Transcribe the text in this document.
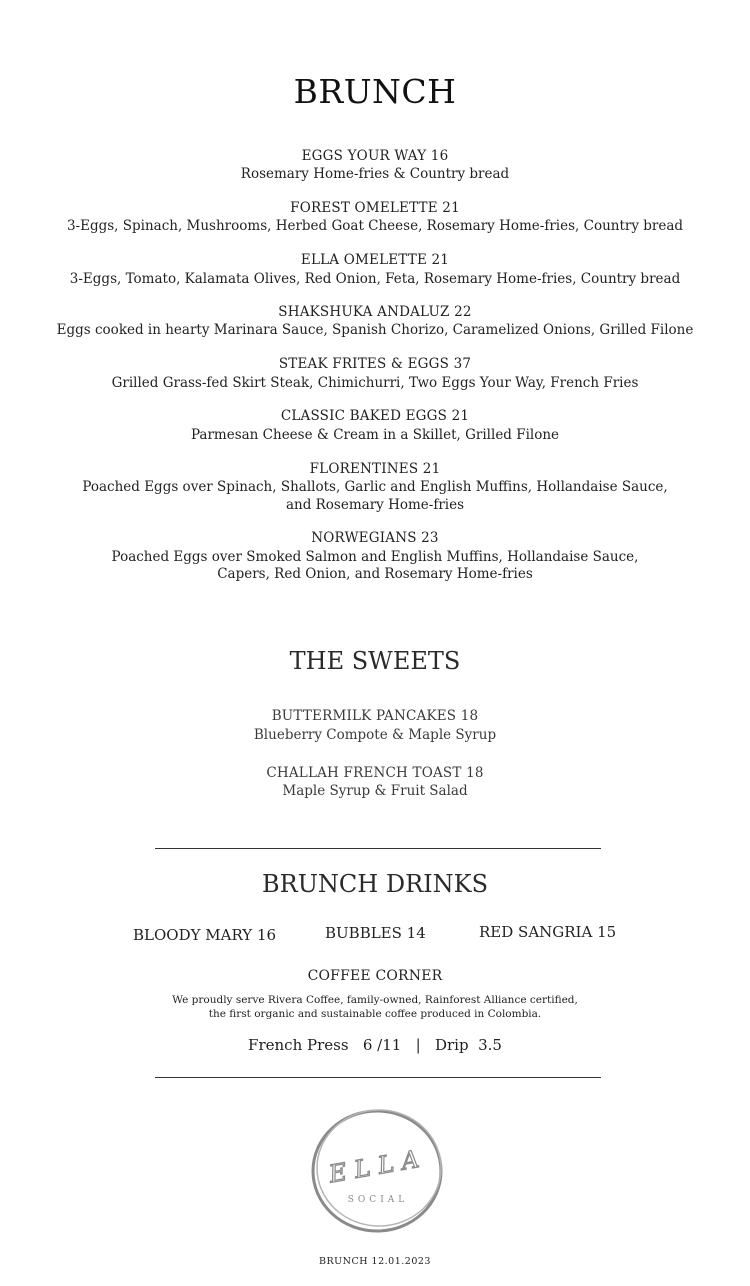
BRUNCH
EGGS YOUR WAY 16
Rosemary Home-fries & Country bread
FOREST OMELETTE 21
3-Eggs, Spinach, Mushrooms, Herbed Goat Cheese, Rosemary Home-fries, Country bread
ELLA OMELETTE 21
3-Eggs, Tomato, Kalamata Olives, Red Onion, Feta, Rosemary Home-fries, Country bread
SHAKSHUKA ANDALUZ 22
Eggs cooked in hearty Marinara Sauce, Spanish Chorizo, Caramelized Onions, Grilled Filone
STEAK FRITES & EGGS 37
Grilled Grass-fed Skirt Steak, Chimichurri, Two Eggs Your Way, French Fries
CLASSIC BAKED EGGS 21
Parmesan Cheese & Cream in a Skillet, Grilled Filone
FLORENTINES 21
Poached Eggs over Spinach, Shallots, Garlic and English Muffins, Hollandaise Sauce,
and Rosemary Home-fries
NORWEGIANS 23
Poached Eggs over Smoked Salmon and English Muffins, Hollandaise Sauce,
Capers, Red Onion, and Rosemary Home-fries
THE SWEETS
BUTTERMILK PANCAKES 18
Blueberry Compote & Maple Syrup
CHALLAH FRENCH TOAST 18
Maple Syrup & Fruit Salad
BRUNCH DRINKS
BLOODY MARY 16	BUBBLES 14	RED SANGRIA 15
COFFEE CORNER
We proudly serve Rivera Coffee, family-owned, Rainforest Alliance certified,
the first organic and sustainable coffee produced in Colombia.
French Press   6 /11   |   Drip  3.5
ELLA
SOCIAL
BRUNCH 12.01.2023
